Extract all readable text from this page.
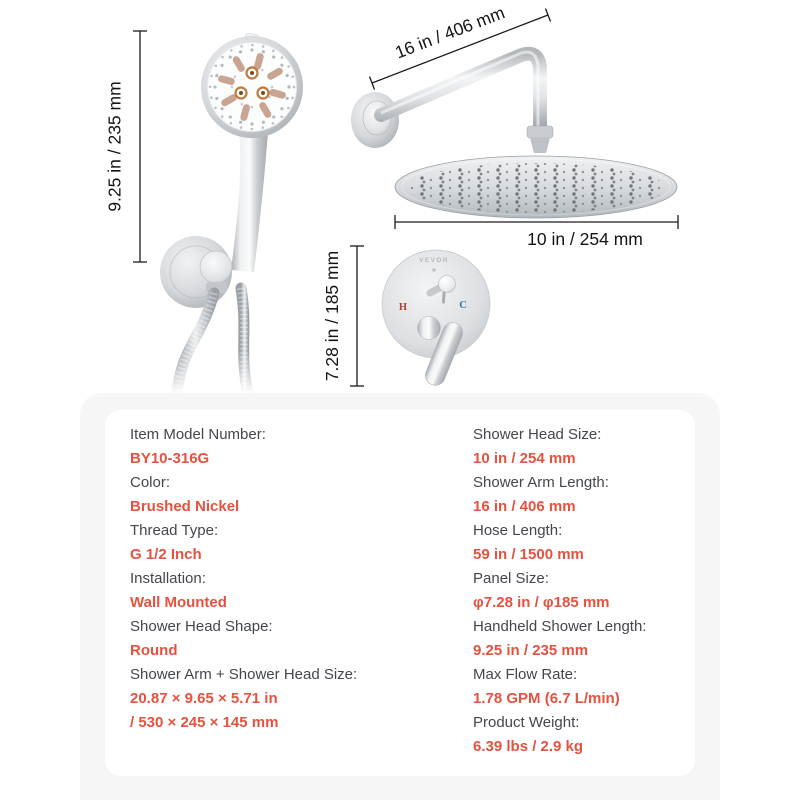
9.25 in / 235 mm
16 in / 406 mm
10 in / 254 mm
VEVOR
H	C
7.28 in / 185 mm
Item Model Number:
BY10-316G
Color:
Brushed Nickel
Thread Type:
G 1/2 Inch
Installation:
Wall Mounted
Shower Head Shape:
Round
Shower Arm + Shower Head Size:
20.87 × 9.65 × 5.71 in
/ 530 × 245 × 145 mm
Shower Head Size:
10 in / 254 mm
Shower Arm Length:
16 in / 406 mm
Hose Length:
59 in / 1500 mm
Panel Size:
φ7.28 in / φ185 mm
Handheld Shower Length:
9.25 in / 235 mm
Max Flow Rate:
1.78 GPM (6.7 L/min)
Product Weight:
6.39 lbs / 2.9 kg
